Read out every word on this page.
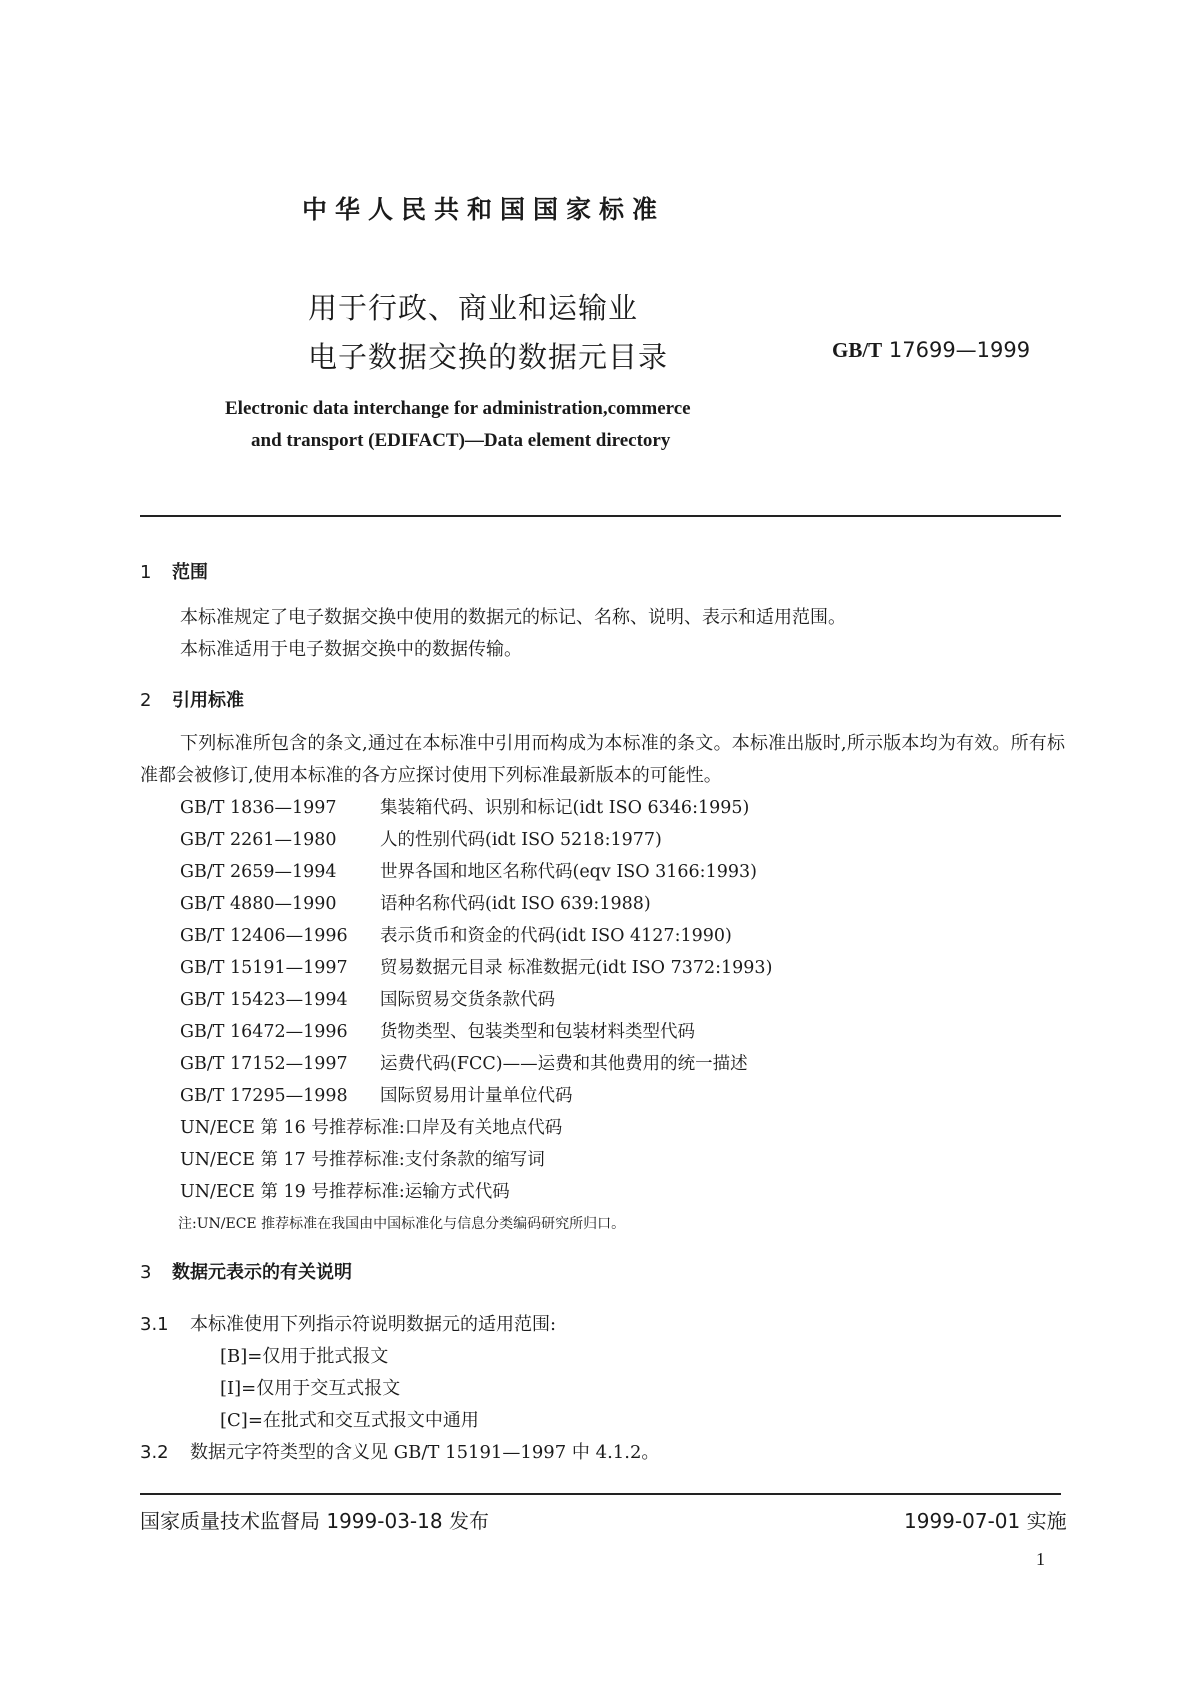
中华人民共和国国家标准
用于行政、商业和运输业
电子数据交换的数据元目录	GB/T 17699—1999
Electronic data interchange for administration,commerce
and transport (EDIFACT)—Data element directory
1 范围
本标准规定了电子数据交换中使用的数据元的标记、名称、说明、表示和适用范围。
本标准适用于电子数据交换中的数据传输。
2 引用标准
下列标准所包含的条文,通过在本标准中引用而构成为本标准的条文。本标准出版时,所示版本均为有效。所有标准都会被修订,使用本标准的各方应探讨使用下列标准最新版本的可能性。
GB/T 1836—1997 集装箱代码、识别和标记(idt ISO 6346:1995)
GB/T 2261—1980 人的性别代码(idt ISO 5218:1977)
GB/T 2659—1994 世界各国和地区名称代码(eqv ISO 3166:1993)
GB/T 4880—1990 语种名称代码(idt ISO 639:1988)
GB/T 12406—1996 表示货币和资金的代码(idt ISO 4127:1990)
GB/T 15191—1997 贸易数据元目录 标准数据元(idt ISO 7372:1993)
GB/T 15423—1994 国际贸易交货条款代码
GB/T 16472—1996 货物类型、包装类型和包装材料类型代码
GB/T 17152—1997 运费代码(FCC)——运费和其他费用的统一描述
GB/T 17295—1998 国际贸易用计量单位代码
UN/ECE 第 16 号推荐标准:口岸及有关地点代码
UN/ECE 第 17 号推荐标准:支付条款的缩写词
UN/ECE 第 19 号推荐标准:运输方式代码
注:UN/ECE 推荐标准在我国由中国标准化与信息分类编码研究所归口。
3 数据元表示的有关说明
3.1 本标准使用下列指示符说明数据元的适用范围:
[B]=仅用于批式报文
[I]=仅用于交互式报文
[C]=在批式和交互式报文中通用
3.2 数据元字符类型的含义见 GB/T 15191—1997 中 4.1.2。
国家质量技术监督局 1999-03-18 发布	1999-07-01 实施
1
